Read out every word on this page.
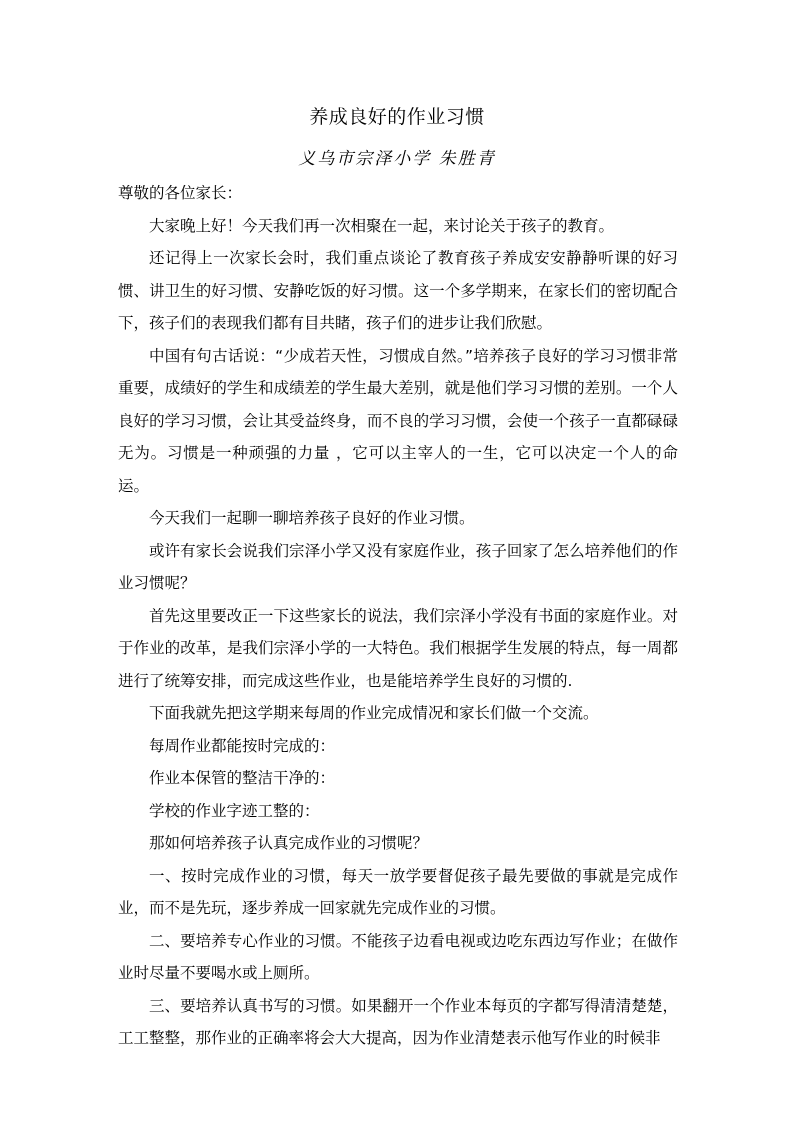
养成良好的作业习惯
义乌市宗泽小学 朱胜青

尊敬的各位家长：

大家晚上好！今天我们再一次相聚在一起，来讨论关于孩子的教育。

还记得上一次家长会时，我们重点谈论了教育孩子养成安安静静听课的好习惯、讲卫生的好习惯、安静吃饭的好习惯。这一个多学期来，在家长们的密切配合下，孩子们的表现我们都有目共睹，孩子们的进步让我们欣慰。

中国有句古话说：“少成若天性，习惯成自然。”培养孩子良好的学习习惯非常重要，成绩好的学生和成绩差的学生最大差别，就是他们学习习惯的差别。一个人良好的学习习惯，会让其受益终身，而不良的学习习惯，会使一个孩子一直都碌碌无为。习惯是一种顽强的力量 ，它可以主宰人的一生，它可以决定一个人的命运。

今天我们一起聊一聊培养孩子良好的作业习惯。

或许有家长会说我们宗泽小学又没有家庭作业，孩子回家了怎么培养他们的作业习惯呢？

首先这里要改正一下这些家长的说法，我们宗泽小学没有书面的家庭作业。对于作业的改革，是我们宗泽小学的一大特色。我们根据学生发展的特点，每一周都进行了统筹安排，而完成这些作业，也是能培养学生良好的习惯的.

下面我就先把这学期来每周的作业完成情况和家长们做一个交流。

每周作业都能按时完成的：

作业本保管的整洁干净的：

学校的作业字迹工整的：

那如何培养孩子认真完成作业的习惯呢？

一、按时完成作业的习惯，每天一放学要督促孩子最先要做的事就是完成作业，而不是先玩，逐步养成一回家就先完成作业的习惯。

二、要培养专心作业的习惯。不能孩子边看电视或边吃东西边写作业；在做作业时尽量不要喝水或上厕所。

三、要培养认真书写的习惯。如果翻开一个作业本每页的字都写得清清楚楚，工工整整，那作业的正确率将会大大提高，因为作业清楚表示他写作业的时候非
